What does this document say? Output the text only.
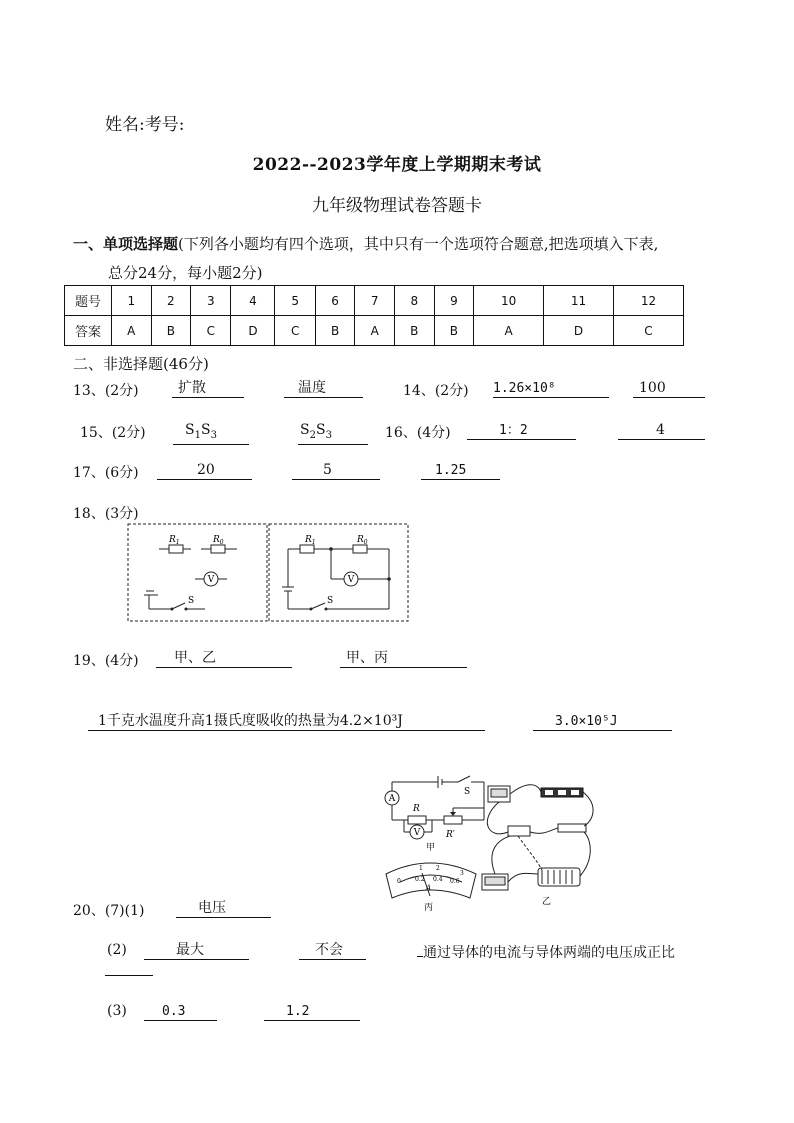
姓名:考号:
2022--2023学年度上学期期末考试
九年级物理试卷答题卡
一、单项选择题(下列各小题均有四个选项，其中只有一个选项符合题意,把选项填入下表,
总分24分，每小题2分)
题号	1	2	3	4	5	6	7	8	9	10	11	12
答案	A	B	C	D	C	B	A	B	B	A	D	C
二、非选择题(46分)
13、(2分)	扩散	温度	14、(2分) 1.26×10⁸	100
15、(2分)	$S_1S_3$	$S_2S_3$	16、(4分)	1：2	4
17、(6分)	20	5	1.25
18、(3分)
$R_1$	$R_0$
V
S
$R_1$	$R_0$
S
V
19、(4分)	甲、乙	甲、丙
1千克水温度升高1摄氏度吸收的热量为4.2×10³J	3.0×10⁵J
S
A
R
R′
V
甲
1 2
3
0 0.2 0.4 0.6
A
丙
乙
20、(7)(1)	电压
(2)	最大	不会	通过导体的电流与导体两端的电压成正比
(3)	0.3	1.2
